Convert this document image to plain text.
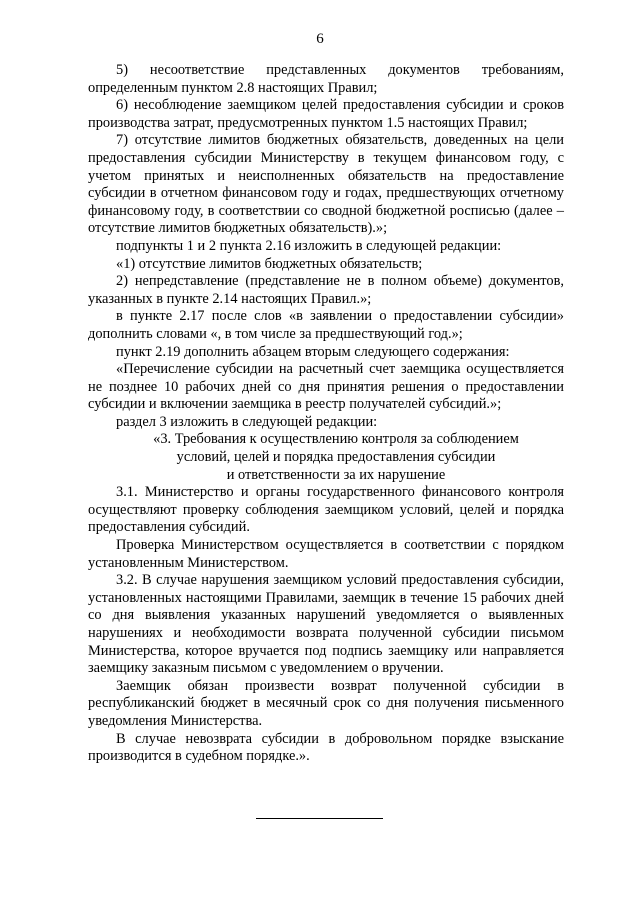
6

5) несоответствие представленных документов требованиям, определенным пунктом 2.8 настоящих Правил;

6) несоблюдение заемщиком целей предоставления субсидии и сроков производства затрат, предусмотренных пунктом 1.5 настоящих Правил;

7) отсутствие лимитов бюджетных обязательств, доведенных на цели предоставления субсидии Министерству в текущем финансовом году, с учетом принятых и неисполненных обязательств на предоставление субсидии в отчетном финансовом году и годах, предшествующих отчетному финансовому году, в соответствии со сводной бюджетной росписью (далее – отсутствие лимитов бюджетных обязательств).»;

подпункты 1 и 2 пункта 2.16 изложить в следующей редакции:

«1) отсутствие лимитов бюджетных обязательств;

2) непредставление (представление не в полном объеме) документов, указанных в пункте 2.14 настоящих Правил.»;

в пункте 2.17 после слов «в заявлении о предоставлении субсидии» дополнить словами «, в том числе за предшествующий год.»;

пункт 2.19 дополнить абзацем вторым следующего содержания:

«Перечисление субсидии на расчетный счет заемщика осуществляется не позднее 10 рабочих дней со дня принятия решения о предоставлении субсидии и включении заемщика в реестр получателей субсидий.»;

раздел 3 изложить в следующей редакции:

«3. Требования к осуществлению контроля за соблюдением

условий, целей и порядка предоставления субсидии

и ответственности за их нарушение

3.1. Министерство и органы государственного финансового контроля осуществляют проверку соблюдения заемщиком условий, целей и порядка предоставления субсидий.

Проверка Министерством осуществляется в соответствии с порядком установленным Министерством.

3.2. В случае нарушения заемщиком условий предоставления субсидии, установленных настоящими Правилами, заемщик в течение 15 рабочих дней со дня выявления указанных нарушений уведомляется о выявленных нарушениях и необходимости возврата полученной субсидии письмом Министерства, которое вручается под подпись заемщику или направляется заемщику заказным письмом с уведомлением о вручении.

Заемщик обязан произвести возврат полученной субсидии в республиканский бюджет в месячный срок со дня получения письменного уведомления Министерства.

В случае невозврата субсидии в добровольном порядке взыскание производится в судебном порядке.».
